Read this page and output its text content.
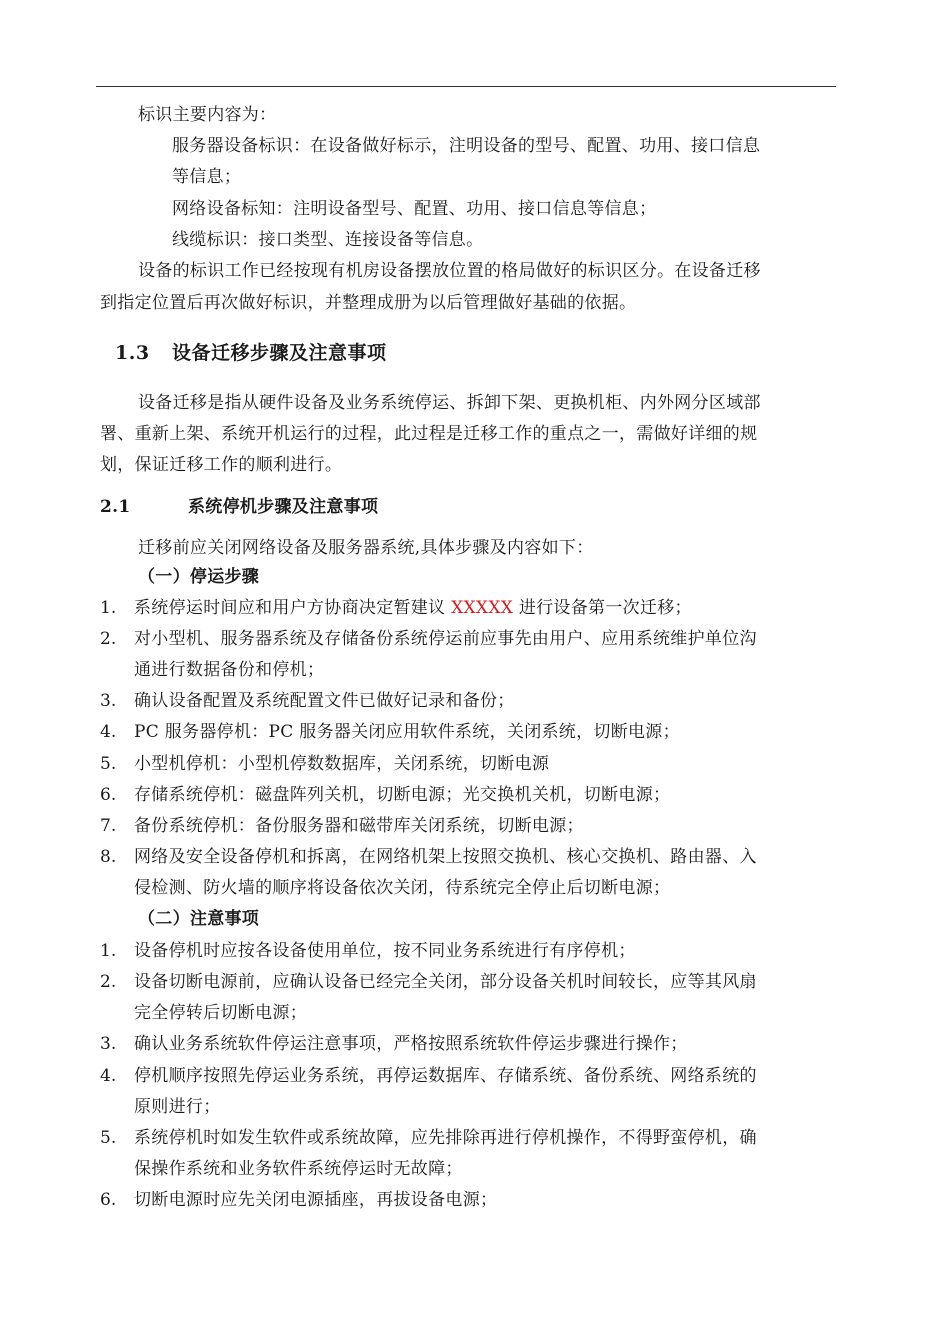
标识主要内容为：
服务器设备标识：在设备做好标示，注明设备的型号、配置、功用、接口信息
等信息；
网络设备标知：注明设备型号、配置、功用、接口信息等信息；
线缆标识：接口类型、连接设备等信息。
设备的标识工作已经按现有机房设备摆放位置的格局做好的标识区分。在设备迁移
到指定位置后再次做好标识，并整理成册为以后管理做好基础的依据。
1.3 设备迁移步骤及注意事项
设备迁移是指从硬件设备及业务系统停运、拆卸下架、更换机柜、内外网分区域部
署、重新上架、系统开机运行的过程，此过程是迁移工作的重点之一，需做好详细的规
划，保证迁移工作的顺利进行。
2.1	系统停机步骤及注意事项
迁移前应关闭网络设备及服务器系统,具体步骤及内容如下：
（一）停运步骤
1. 系统停运时间应和用户方协商决定暂建议 XXXXX 进行设备第一次迁移；
2. 对小型机、服务器系统及存储备份系统停运前应事先由用户、应用系统维护单位沟
通进行数据备份和停机；
3. 确认设备配置及系统配置文件已做好记录和备份；
4. PC 服务器停机：PC 服务器关闭应用软件系统，关闭系统，切断电源；
5. 小型机停机：小型机停数数据库，关闭系统，切断电源
6. 存储系统停机：磁盘阵列关机，切断电源；光交换机关机，切断电源；
7. 备份系统停机：备份服务器和磁带库关闭系统，切断电源；
8. 网络及安全设备停机和拆离，在网络机架上按照交换机、核心交换机、路由器、入
侵检测、防火墙的顺序将设备依次关闭，待系统完全停止后切断电源；
（二）注意事项
1. 设备停机时应按各设备使用单位，按不同业务系统进行有序停机；
2. 设备切断电源前，应确认设备已经完全关闭，部分设备关机时间较长，应等其风扇
完全停转后切断电源；
3. 确认业务系统软件停运注意事项，严格按照系统软件停运步骤进行操作；
4. 停机顺序按照先停运业务系统，再停运数据库、存储系统、备份系统、网络系统的
原则进行；
5. 系统停机时如发生软件或系统故障，应先排除再进行停机操作，不得野蛮停机，确
保操作系统和业务软件系统停运时无故障；
6. 切断电源时应先关闭电源插座，再拔设备电源；
